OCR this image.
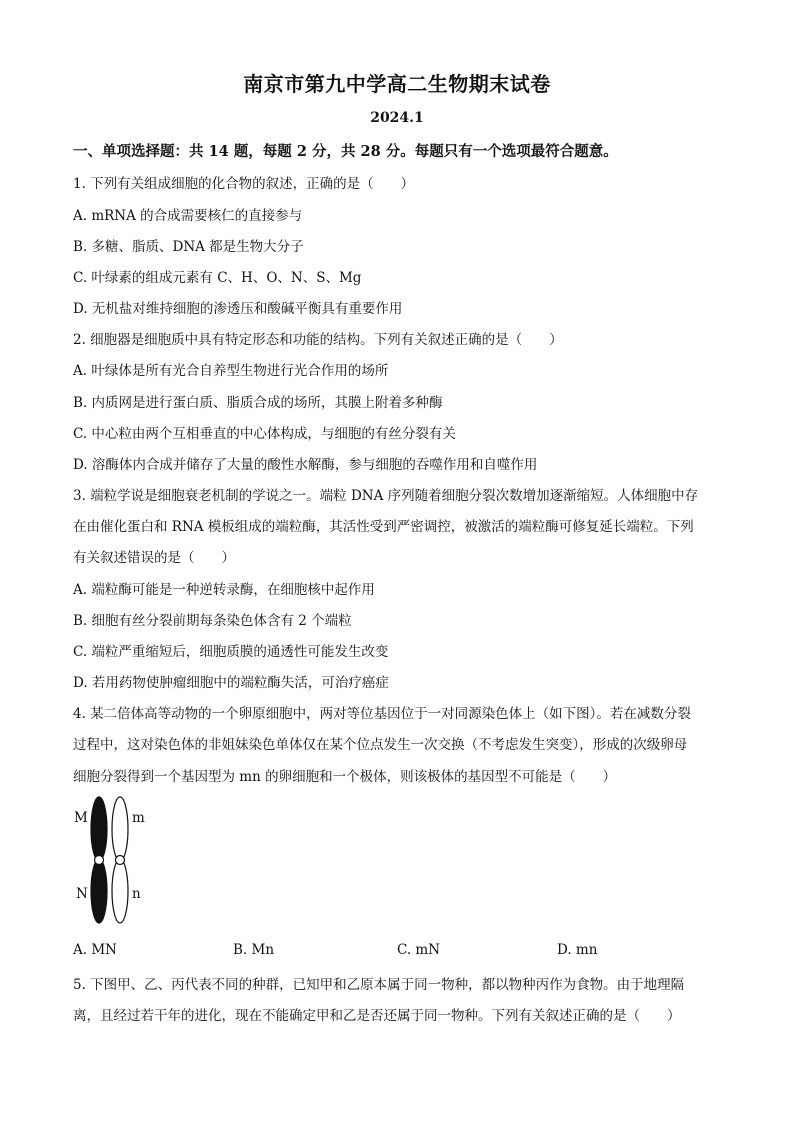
南京市第九中学高二生物期末试卷
2024.1
一、单项选择题：共 14 题，每题 2 分，共 28 分。每题只有一个选项最符合题意。
1. 下列有关组成细胞的化合物的叙述，正确的是（　　）
A. mRNA 的合成需要核仁的直接参与
B. 多糖、脂质、DNA 都是生物大分子
C. 叶绿素的组成元素有 C、H、O、N、S、Mg
D. 无机盐对维持细胞的渗透压和酸碱平衡具有重要作用
2. 细胞器是细胞质中具有特定形态和功能的结构。下列有关叙述正确的是（　　）
A. 叶绿体是所有光合自养型生物进行光合作用的场所
B. 内质网是进行蛋白质、脂质合成的场所，其膜上附着多种酶
C. 中心粒由两个互相垂直的中心体构成，与细胞的有丝分裂有关
D. 溶酶体内合成并储存了大量的酸性水解酶，参与细胞的吞噬作用和自噬作用
3. 端粒学说是细胞衰老机制的学说之一。端粒 DNA 序列随着细胞分裂次数增加逐渐缩短。人体细胞中存
在由催化蛋白和 RNA 模板组成的端粒酶，其活性受到严密调控，被激活的端粒酶可修复延长端粒。下列
有关叙述错误的是（　　）
A. 端粒酶可能是一种逆转录酶，在细胞核中起作用
B. 细胞有丝分裂前期每条染色体含有 2 个端粒
C. 端粒严重缩短后，细胞质膜的通透性可能发生改变
D. 若用药物使肿瘤细胞中的端粒酶失活，可治疗癌症
4. 某二倍体高等动物的一个卵原细胞中，两对等位基因位于一对同源染色体上（如下图）。若在减数分裂
过程中，这对染色体的非姐妹染色单体仅在某个位点发生一次交换（不考虑发生突变），形成的次级卵母
细胞分裂得到一个基因型为 mn 的卵细胞和一个极体，则该极体的基因型不可能是（　　）
M	m
N	n
A. MN	B. Mn	C. mN	D. mn
5. 下图甲、乙、丙代表不同的种群，已知甲和乙原本属于同一物种，都以物种丙作为食物。由于地理隔
离，且经过若干年的进化，现在不能确定甲和乙是否还属于同一物种。下列有关叙述正确的是（　　）
